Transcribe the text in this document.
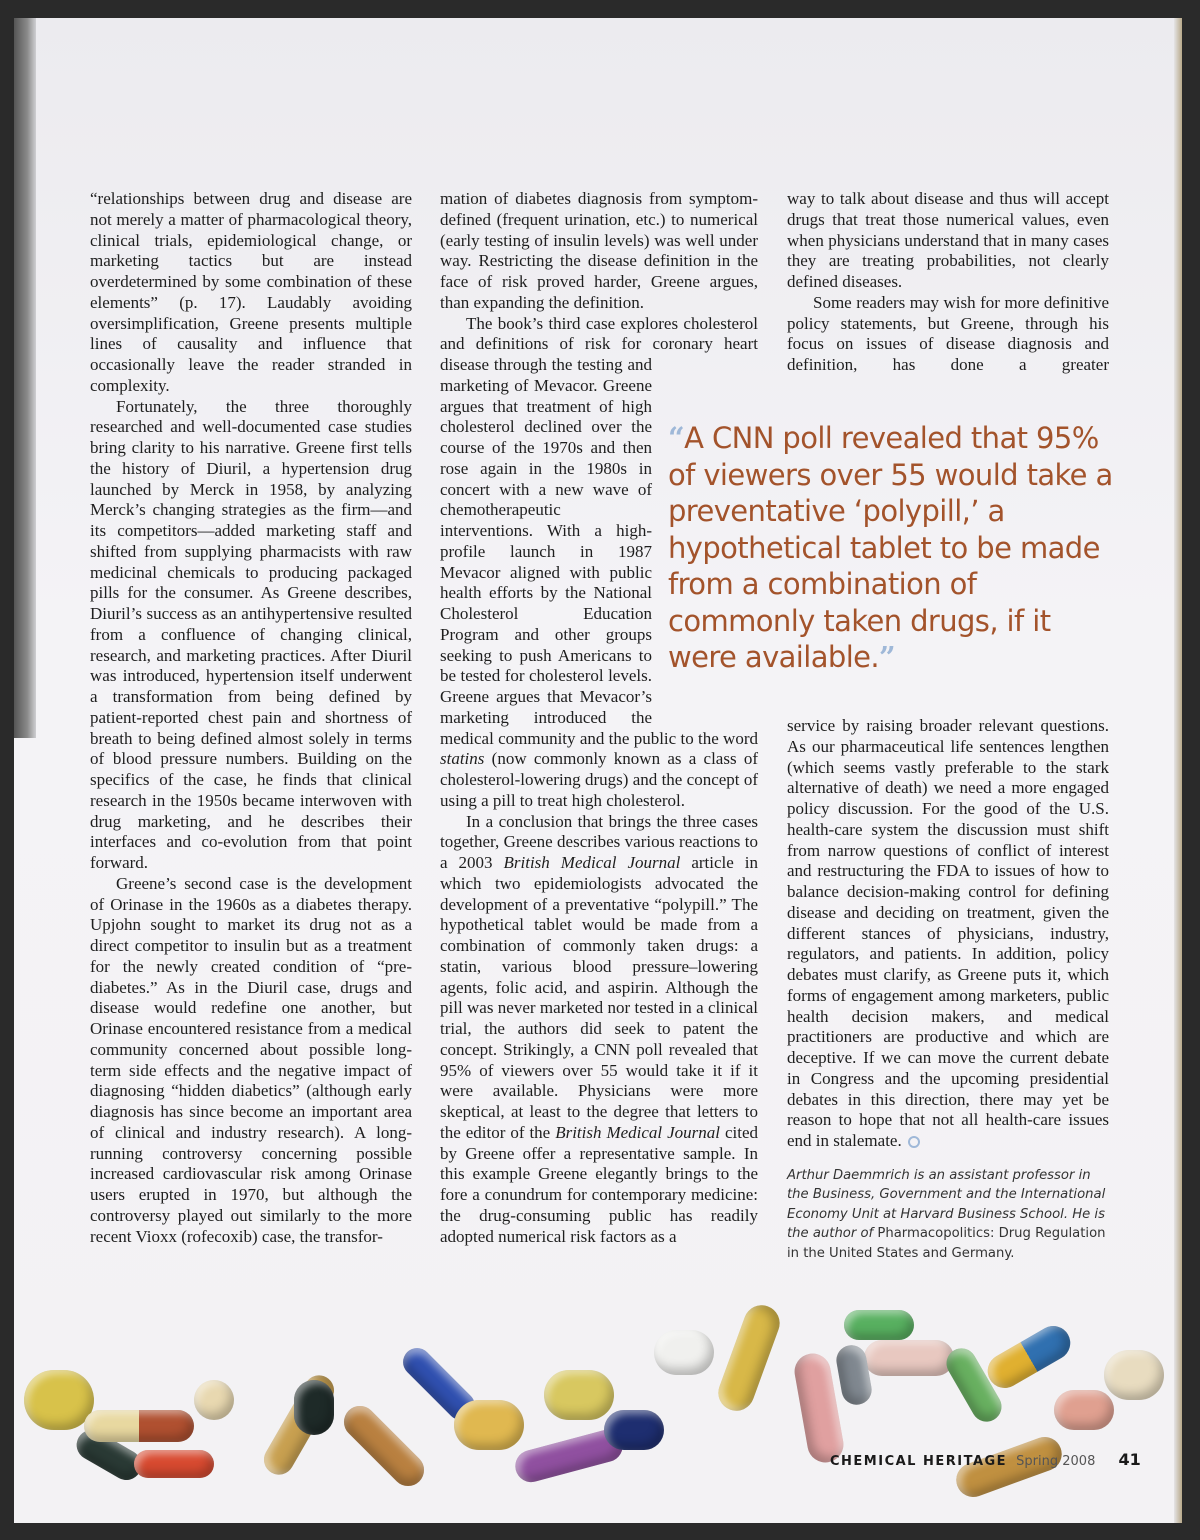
“relationships between drug and disease are not merely a matter of pharmacological theory, clinical trials, epidemiological change, or marketing tactics but are instead overdetermined by some combination of these elements” (p. 17). Laudably avoiding oversimplification, Greene presents multiple lines of causality and influence that occasionally leave the reader stranded in complexity.

Fortunately, the three thoroughly researched and well-documented case studies bring clarity to his narrative. Greene first tells the history of Diuril, a hypertension drug launched by Merck in 1958, by analyzing Merck’s changing strategies as the firm—and its competitors—added marketing staff and shifted from supplying pharmacists with raw medicinal chemicals to producing packaged pills for the consumer. As Greene describes, Diuril’s success as an antihypertensive resulted from a confluence of changing clinical, research, and marketing practices. After Diuril was introduced, hypertension itself underwent a transformation from being defined by patient-reported chest pain and shortness of breath to being defined almost solely in terms of blood pressure numbers. Building on the specifics of the case, he finds that clinical research in the 1950s became interwoven with drug marketing, and he describes their interfaces and co-evolution from that point forward.

Greene’s second case is the development of Orinase in the 1960s as a diabetes therapy. Upjohn sought to market its drug not as a direct competitor to insulin but as a treatment for the newly created condition of “pre-diabetes.” As in the Diuril case, drugs and disease would redefine one another, but Orinase encountered resistance from a medical community concerned about possible long-term side effects and the negative impact of diagnosing “hidden diabetics” (although early diagnosis has since become an important area of clinical and industry research). A long-running controversy concerning possible increased cardiovascular risk among Orinase users erupted in 1970, but although the controversy played out similarly to the more recent Vioxx (rofecoxib) case, the transfor-

mation of diabetes diagnosis from symptom-defined (frequent urination, etc.) to numerical (early testing of insulin levels) was well under way. Restricting the disease definition in the face of risk proved harder, Greene argues, than expanding the definition.

The book’s third case explores cholesterol and definitions of risk for coronary heart disease through the testing and marketing of Mevacor. Greene argues that treatment of high cholesterol declined over the course of the 1970s and then rose again in the 1980s in concert with a new wave of chemotherapeutic interventions. With a high-profile launch in 1987 Mevacor aligned with public health efforts by the National Cholesterol Education Program and other groups seeking to push Americans to be tested for cholesterol levels. Greene argues that Mevacor’s marketing introduced the medical community and the public to the word statins (now commonly known as a class of cholesterol-lowering drugs) and the concept of using a pill to treat high cholesterol.

In a conclusion that brings the three cases together, Greene describes various reactions to a 2003 British Medical Journal article in which two epidemiologists advocated the development of a preventative “polypill.” The hypothetical tablet would be made from a combination of commonly taken drugs: a statin, various blood pressure–lowering agents, folic acid, and aspirin. Although the pill was never marketed nor tested in a clinical trial, the authors did seek to patent the concept. Strikingly, a CNN poll revealed that 95% of viewers over 55 would take it if it were available. Physicians were more skeptical, at least to the degree that letters to the editor of the British Medical Journal cited by Greene offer a representative sample. In this example Greene elegantly brings to the fore a conundrum for contemporary medicine: the drug-consuming public has readily adopted numerical risk factors as a

way to talk about disease and thus will accept drugs that treat those numerical values, even when physicians understand that in many cases they are treating probabilities, not clearly defined diseases.

Some readers may wish for more definitive policy statements, but Greene, through his focus on issues of disease diagnosis and definition, has done a greater

“A CNN poll revealed that 95% of viewers over 55 would take a preventative ‘polypill,’ a hypothetical tablet to be made from a combination of commonly taken drugs, if it were available.”

service by raising broader relevant questions. As our pharmaceutical life sentences lengthen (which seems vastly preferable to the stark alternative of death) we need a more engaged policy discussion. For the good of the U.S. health-care system the discussion must shift from narrow questions of conflict of interest and restructuring the FDA to issues of how to balance decision-making control for defining disease and deciding on treatment, given the different stances of physicians, industry, regulators, and patients. In addition, policy debates must clarify, as Greene puts it, which forms of engagement among marketers, public health decision makers, and medical practitioners are productive and which are deceptive. If we can move the current debate in Congress and the upcoming presidential debates in this direction, there may yet be reason to hope that not all health-care issues end in stalemate.

Arthur Daemmrich is an assistant professor in the Business, Government and the International Economy Unit at Harvard Business School. He is the author of Pharmacopolitics: Drug Regulation in the United States and Germany.
CHEMICAL HERITAGE Spring 2008 41
